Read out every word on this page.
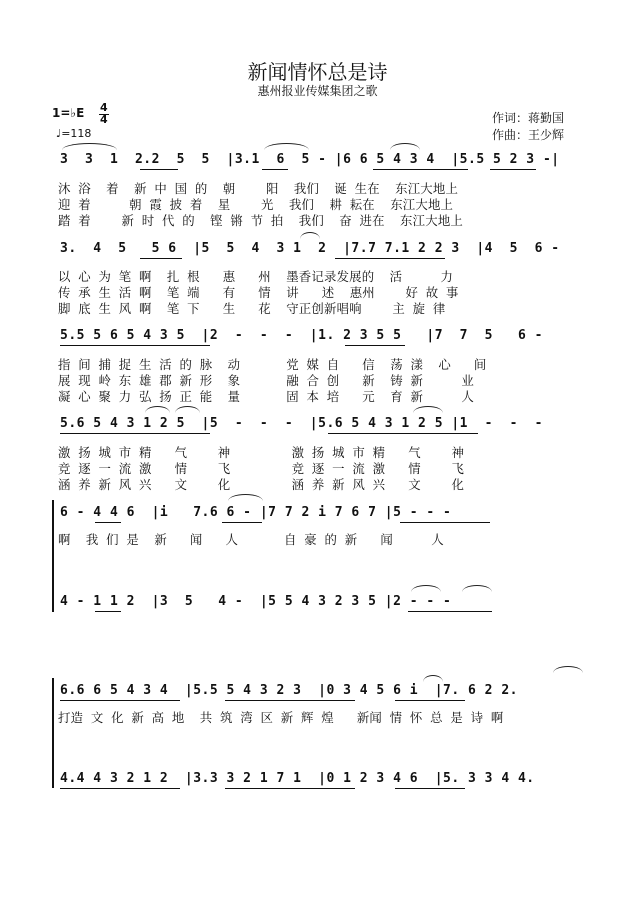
新闻情怀总是诗
惠州报业传媒集团之歌
1=♭E 4
4
♩=118
作词：蒋勤国
作曲：王少辉
3  3  1  2.2  5  5  |3.1  6  5 - |6 6 5 4 3 4  |5.5 5 2 3 -|
沐 浴  着  新 中 国 的  朝    阳  我们  诞 生在  东江大地上
迎 着     朝 霞 披 着  星    光  我们  耕 耘在  东江大地上
踏 着    新 时 代 的  铿 锵 节 拍  我们  奋 进在  东江大地上
3.  4  5   5 6  |5  5  4  3 1  2  |7.7 7.1 2 2 3  |4  5  6 -
以 心 为 笔 啊  扎 根   惠   州  墨香记录发展的  活     力
传 承 生 活 啊  笔 端   有   情  讲   述  惠州    好 故 事
脚 底 生 风 啊  笔 下   生   花  守正创新唱响    主 旋 律
5.5 5 6 5 4 3 5  |2  -  -  -  |1. 2 3 5 5   |7  7  5   6 -
指 间 捕 捉 生 活 的 脉  动      党 媒 自   信  荡 漾  心   间
展 现 岭 东 雄 郡 新 形  象      融 合 创   新  铸 新     业
凝 心 聚 力 弘 扬 正 能  量      固 本 培   元  育 新     人
5.6 5 4 3 1 2 5  |5  -  -  -  |5.6 5 4 3 1 2 5 |1  -  -  -
激 扬 城 市 精   气    神        激 扬 城 市 精   气    神
竞 逐 一 流 激   情    飞        竞 逐 一 流 激   情    飞
涵 养 新 风 兴   文    化        涵 养 新 风 兴   文    化
6 - 4 4 6  |i   7.6 6 - |7 7 2 i 7 6 7 |5 - - -
啊  我 们 是  新   闻   人      自 豪 的 新   闻     人
4 - 1 1 2  |3  5   4 -  |5 5 4 3 2 3 5 |2 - - -
6.6 6 5 4 3 4  |5.5 5 4 3 2 3  |0 3 4 5 6 i  |7. 6 2 2.
打造 文 化 新 高 地  共 筑 湾 区 新 辉 煌   新闻 情 怀 总 是 诗 啊
4.4 4 3 2 1 2  |3.3 3 2 1 7 1  |0 1 2 3 4 6  |5. 3 3 4 4.
